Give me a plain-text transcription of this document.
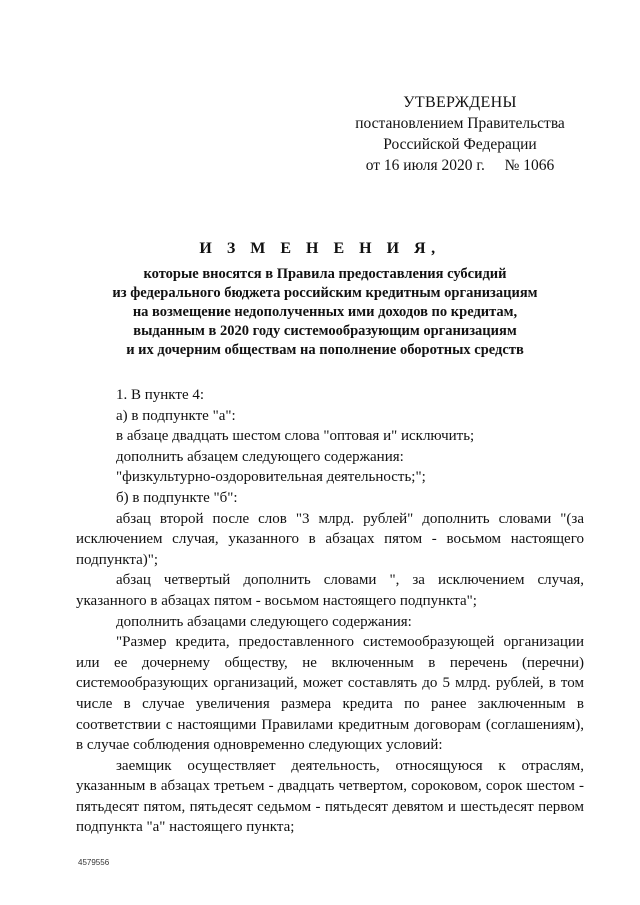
УТВЕРЖДЕНЫ
постановлением Правительства
Российской Федерации
от 16 июля 2020 г. № 1066
И З М Е Н Е Н И Я,
которые вносятся в Правила предоставления субсидий
из федерального бюджета российским кредитным организациям
на возмещение недополученных ими доходов по кредитам,
выданным в 2020 году системообразующим организациям
и их дочерним обществам на пополнение оборотных средств

1. В пункте 4:

а) в подпункте "а":

в абзаце двадцать шестом слова "оптовая и" исключить;

дополнить абзацем следующего содержания:

"физкультурно-оздоровительная деятельность;";

б) в подпункте "б":

абзац второй после слов "3 млрд. рублей" дополнить словами "(за исключением случая, указанного в абзацах пятом - восьмом настоящего подпункта)";

абзац четвертый дополнить словами ", за исключением случая, указанного в абзацах пятом - восьмом настоящего подпункта";

дополнить абзацами следующего содержания:

"Размер кредита, предоставленного системообразующей организации или ее дочернему обществу, не включенным в перечень (перечни) системообразующих организаций, может составлять до 5 млрд. рублей, в том числе в случае увеличения размера кредита по ранее заключенным в соответствии с настоящими Правилами кредитным договорам (соглашениям), в случае соблюдения одновременно следующих условий:

заемщик осуществляет деятельность, относящуюся к отраслям, указанным в абзацах третьем - двадцать четвертом, сороковом, сорок шестом - пятьдесят пятом, пятьдесят седьмом - пятьдесят девятом и шестьдесят первом подпункта "а" настоящего пункта;

4579556
